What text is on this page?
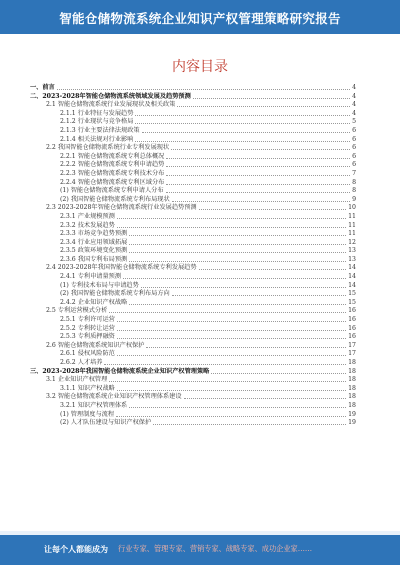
智能仓储物流系统企业知识产权管理策略研究报告
内容目录
一、前言	4
二、2023-2028年智能仓储物流系统领域发展及趋势预测	4
2.1 智能仓储物流系统行业发展现状及相关政策	4
2.1.1 行业特征与发展趋势	4
2.1.2 行业现状与竞争格局	5
2.1.3 行业主要法律法规政策	6
2.1.4 相关法规对行业影响	6
2.2 我国智能仓储物流系统行业专利发展现状	6
2.2.1 智能仓储物流系统专利总体概况	6
2.2.2 智能仓储物流系统专利申请趋势	6
2.2.3 智能仓储物流系统专利技术分布	7
2.2.4 智能仓储物流系统专利区域分布	8
(1) 智能仓储物流系统专利申请人分布	8
(2) 我国智能仓储物流系统专利布局现状	9
2.3 2023-2028年智能仓储物流系统行业发展趋势预测	10
2.3.1 产业规模预测	11
2.3.2 技术发展趋势	11
2.3.3 市场竞争趋势预测	11
2.3.4 行业应用领域拓展	12
2.3.5 政策环境变化预测	13
2.3.6 我国专利布局预测	13
2.4 2023-2028年我国智能仓储物流系统专利发展趋势	14
2.4.1 专利申请量预测	14
(1) 专利技术布局与申请趋势	14
(2) 我国智能仓储物流系统专利布局方向	15
2.4.2 企业知识产权战略	15
2.5 专利运营模式分析	16
2.5.1 专利许可运营	16
2.5.2 专利转让运营	16
2.5.3 专利质押融资	16
2.6 智能仓储物流系统知识产权保护	17
2.6.1 侵权风险防范	17
2.6.2 人才培养	18
三、2023-2028年我国智能仓储物流系统企业知识产权管理策略	18
3.1 企业知识产权管理	18
3.1.1 知识产权战略	18
3.2 智能仓储物流系统企业知识产权管理体系建设	18
3.2.1 知识产权管理体系	18
(1) 管理制度与流程	19
(2) 人才队伍建设与知识产权保护	19
让每个人都能成为 行业专家、管理专家、营销专家、战略专家、成功企业家……
